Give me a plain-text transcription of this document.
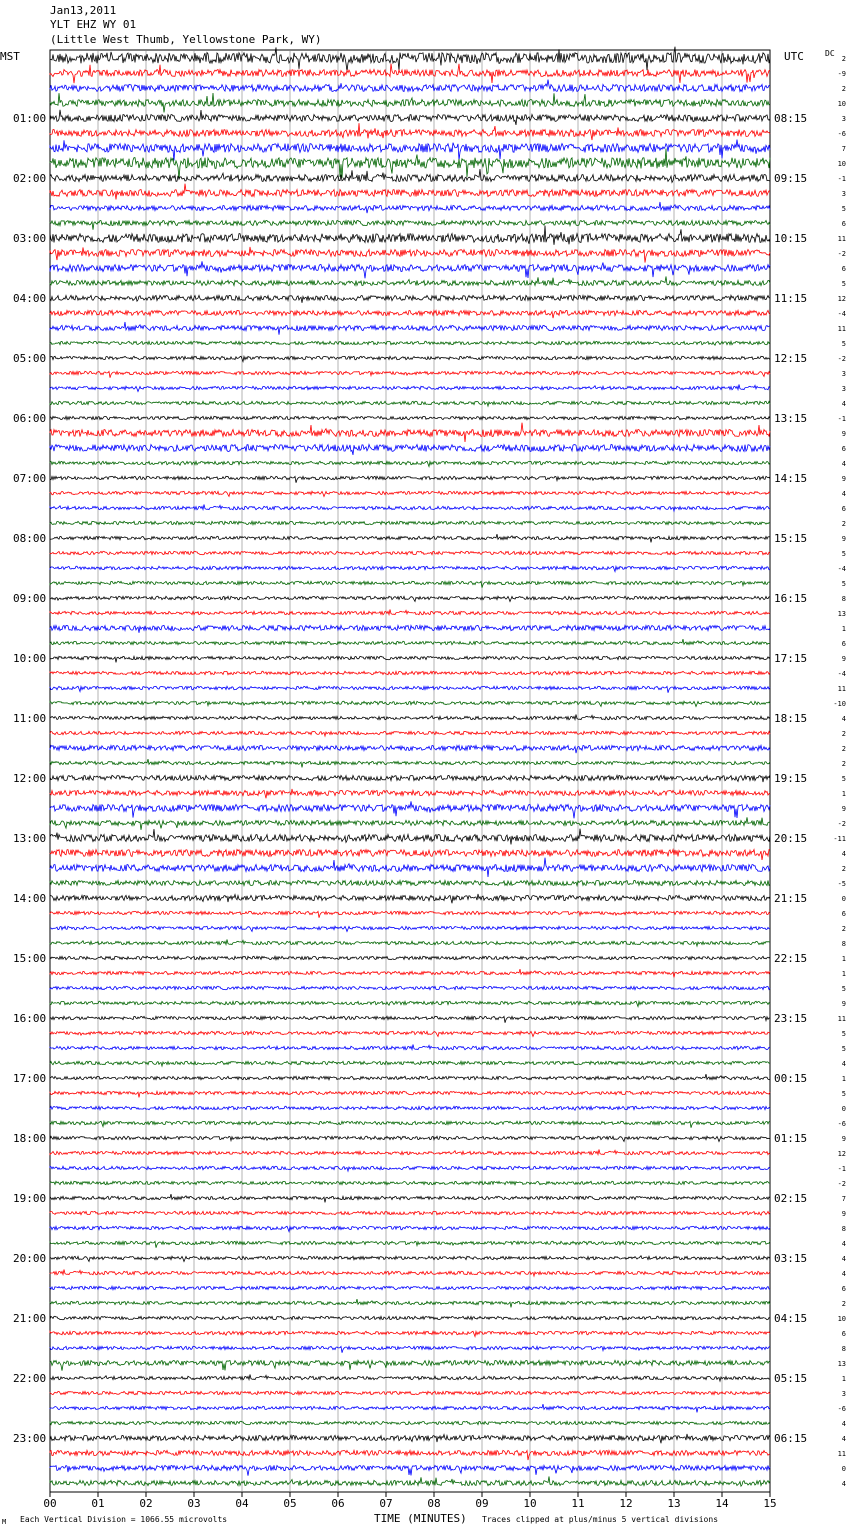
Jan13,2011
YLT EHZ WY 01
(Little West Thumb, Yellowstone Park, WY)
MST	UTC	DC
01:00
02:00
03:00
04:00
05:00
06:00
07:00
08:00
09:00
10:00
11:00
12:00
13:00
14:00
15:00
16:00
17:00
18:00
19:00
20:00
21:00
22:00
23:00
08:15
09:15
10:15
11:15
12:15
13:15
14:15
15:15
16:15
17:15
18:15
19:15
20:15
21:15
22:15
23:15
00:15
01:15
02:15
03:15
04:15
05:15
06:15
2
-9
2
10
3
-6
7
10
-1
3
5
6
11
-2
6
5
12
-4
11
5
-2
3
3
4
-1
9
6
4
9
4
6
2
9
5
-4
5
8
13
1
6
9
-4
11
-10
4
2
2
2
5
1
9
-2
-11
4
2
-5
0
6
2
8
1
1
5
9
11
5
5
4
1
5
0
-6
9
12
-1
-2
7
9
8
4
4
4
6
2
10
6
8
13
1
3
-6
4
4
11
0
4
00	01	02	03	04	05	06	07	08	09	10	11	12	13	14	15
M Each Vertical Division = 1066.55 microvolts	TIME (MINUTES) Traces clipped at plus/minus 5 vertical divisions
